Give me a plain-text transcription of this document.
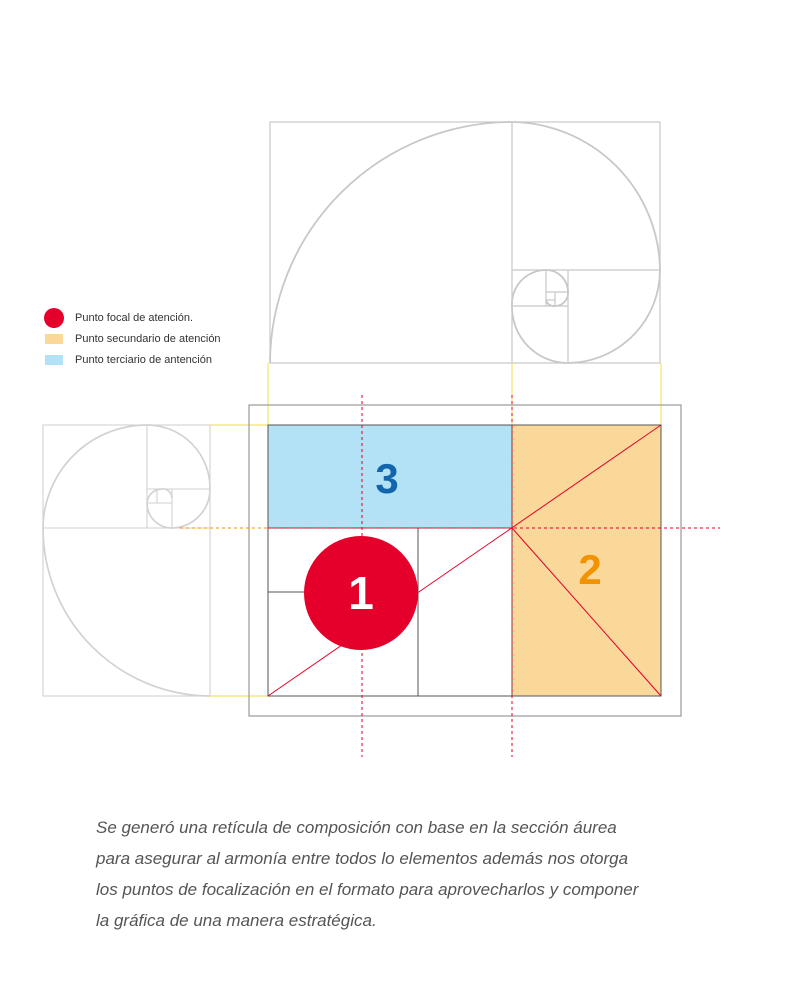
1	2
3
Punto focal de atención.
Punto secundario de atención
Punto terciario de antención

Se generó una retícula de composición con base en la sección áurea

para asegurar al armonía entre todos lo elementos además nos otorga

los puntos de focalización en el formato para aprovecharlos y componer

la gráfica de una manera estratégica.
